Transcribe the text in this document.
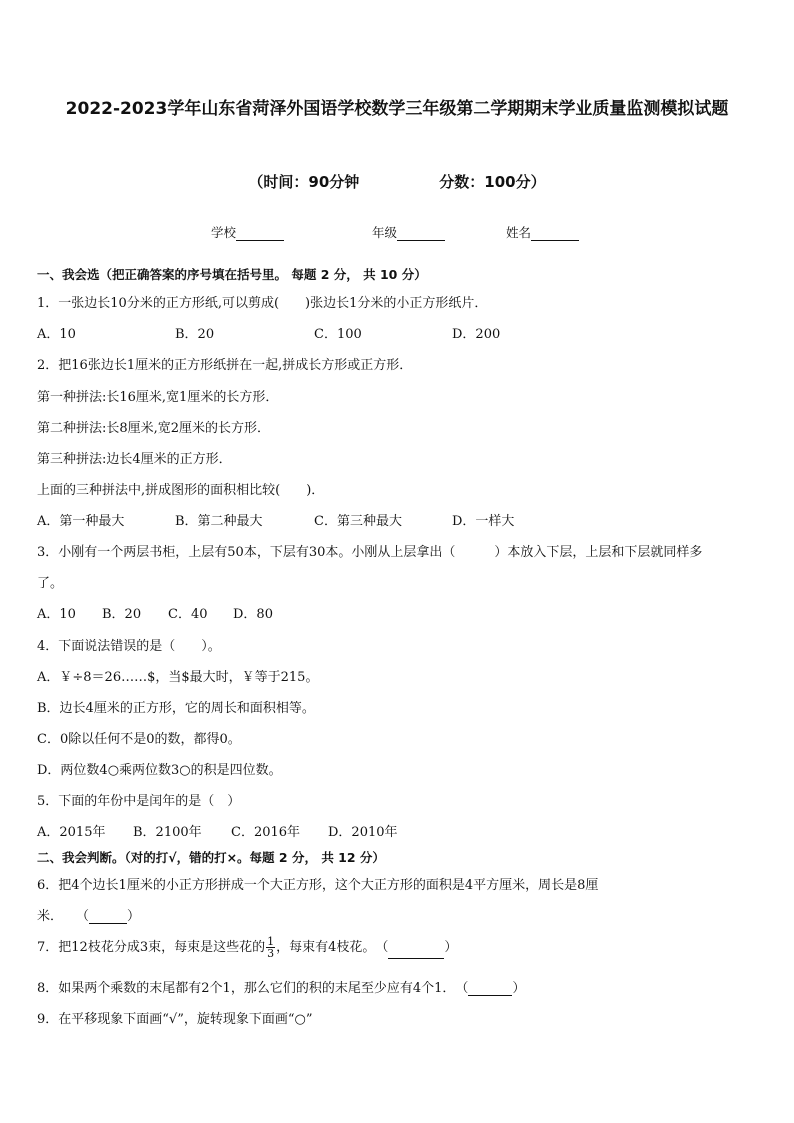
2022-2023学年山东省菏泽外国语学校数学三年级第二学期期末学业质量监测模拟试题
（时间：90分钟	分数：100分）
学校	年级	姓名
一、我会选（把正确答案的序号填在括号里。 每题 2 分， 共 10 分）
1．一张边长10分米的正方形纸,可以剪成(　　)张边长1分米的小正方形纸片．
A．10	B．20	C．100	D．200
2．把16张边长1厘米的正方形纸拼在一起,拼成长方形或正方形．
第一种拼法:长16厘米,宽1厘米的长方形．
第二种拼法:长8厘米,宽2厘米的长方形．
第三种拼法:边长4厘米的正方形．
上面的三种拼法中,拼成图形的面积相比较(　　)．
A．第一种最大	B．第二种最大	C．第三种最大	D．一样大
3．小刚有一个两层书柜，上层有50本，下层有30本。小刚从上层拿出（　　　）本放入下层，上层和下层就同样多
了。
A．10 B．20 C．40 D．80
4．下面说法错误的是（　　）。
A．￥÷8＝26……$，当$最大时，￥等于215。
B．边长4厘米的正方形，它的周长和面积相等。
C．0除以任何不是0的数，都得0。
D．两位数4○乘两位数3○的积是四位数。
5．下面的年份中是闰年的是（　）
A．2015年 B．2100年 C．2016年 D．2010年
二、我会判断。（对的打√，错的打×。每题 2 分， 共 12 分）
6．把4个边长1厘米的小正方形拼成一个大正方形，这个大正方形的面积是4平方厘米，周长是8厘
米．　　（	）
7．把12枝花分成3束，每束是这些花的 $\frac{1}{3}$ ，每束有4枝花。　（	）
8．如果两个乘数的末尾都有2个1，那么它们的积的末尾至少应有4个1．　（	）
9．在平移现象下面画“√”，旋转现象下面画“○”
